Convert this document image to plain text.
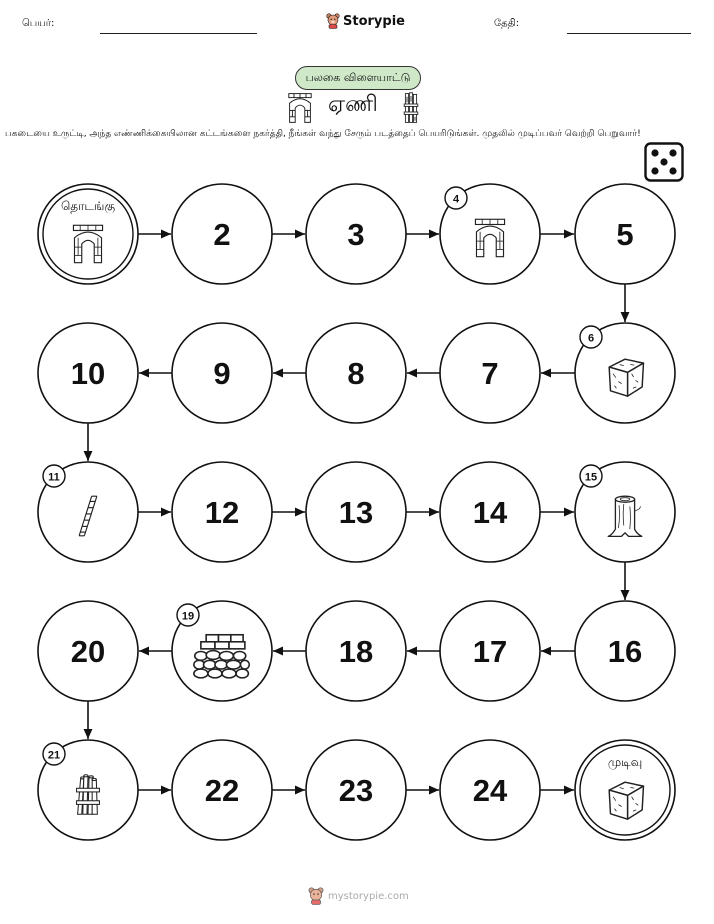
பெயர்:	Storypie	தேதி:
பலகை விளையாட்டு
ஏணி
பகடையை உருட்டி, அந்த எண்ணிக்கையிலான கட்டங்களை நகர்த்தி, நீங்கள் வந்து சேரும் படத்தைப் பெயரிடுங்கள். முதலில் முடிப்பவர் வெற்றி பெறுவார்!
தொடங்கு
2	3
4
5
6
7
8
9
10
11
12	13	14
15
16
17
18
19
20
21
22	23	24
முடிவு
mystorypie.com
